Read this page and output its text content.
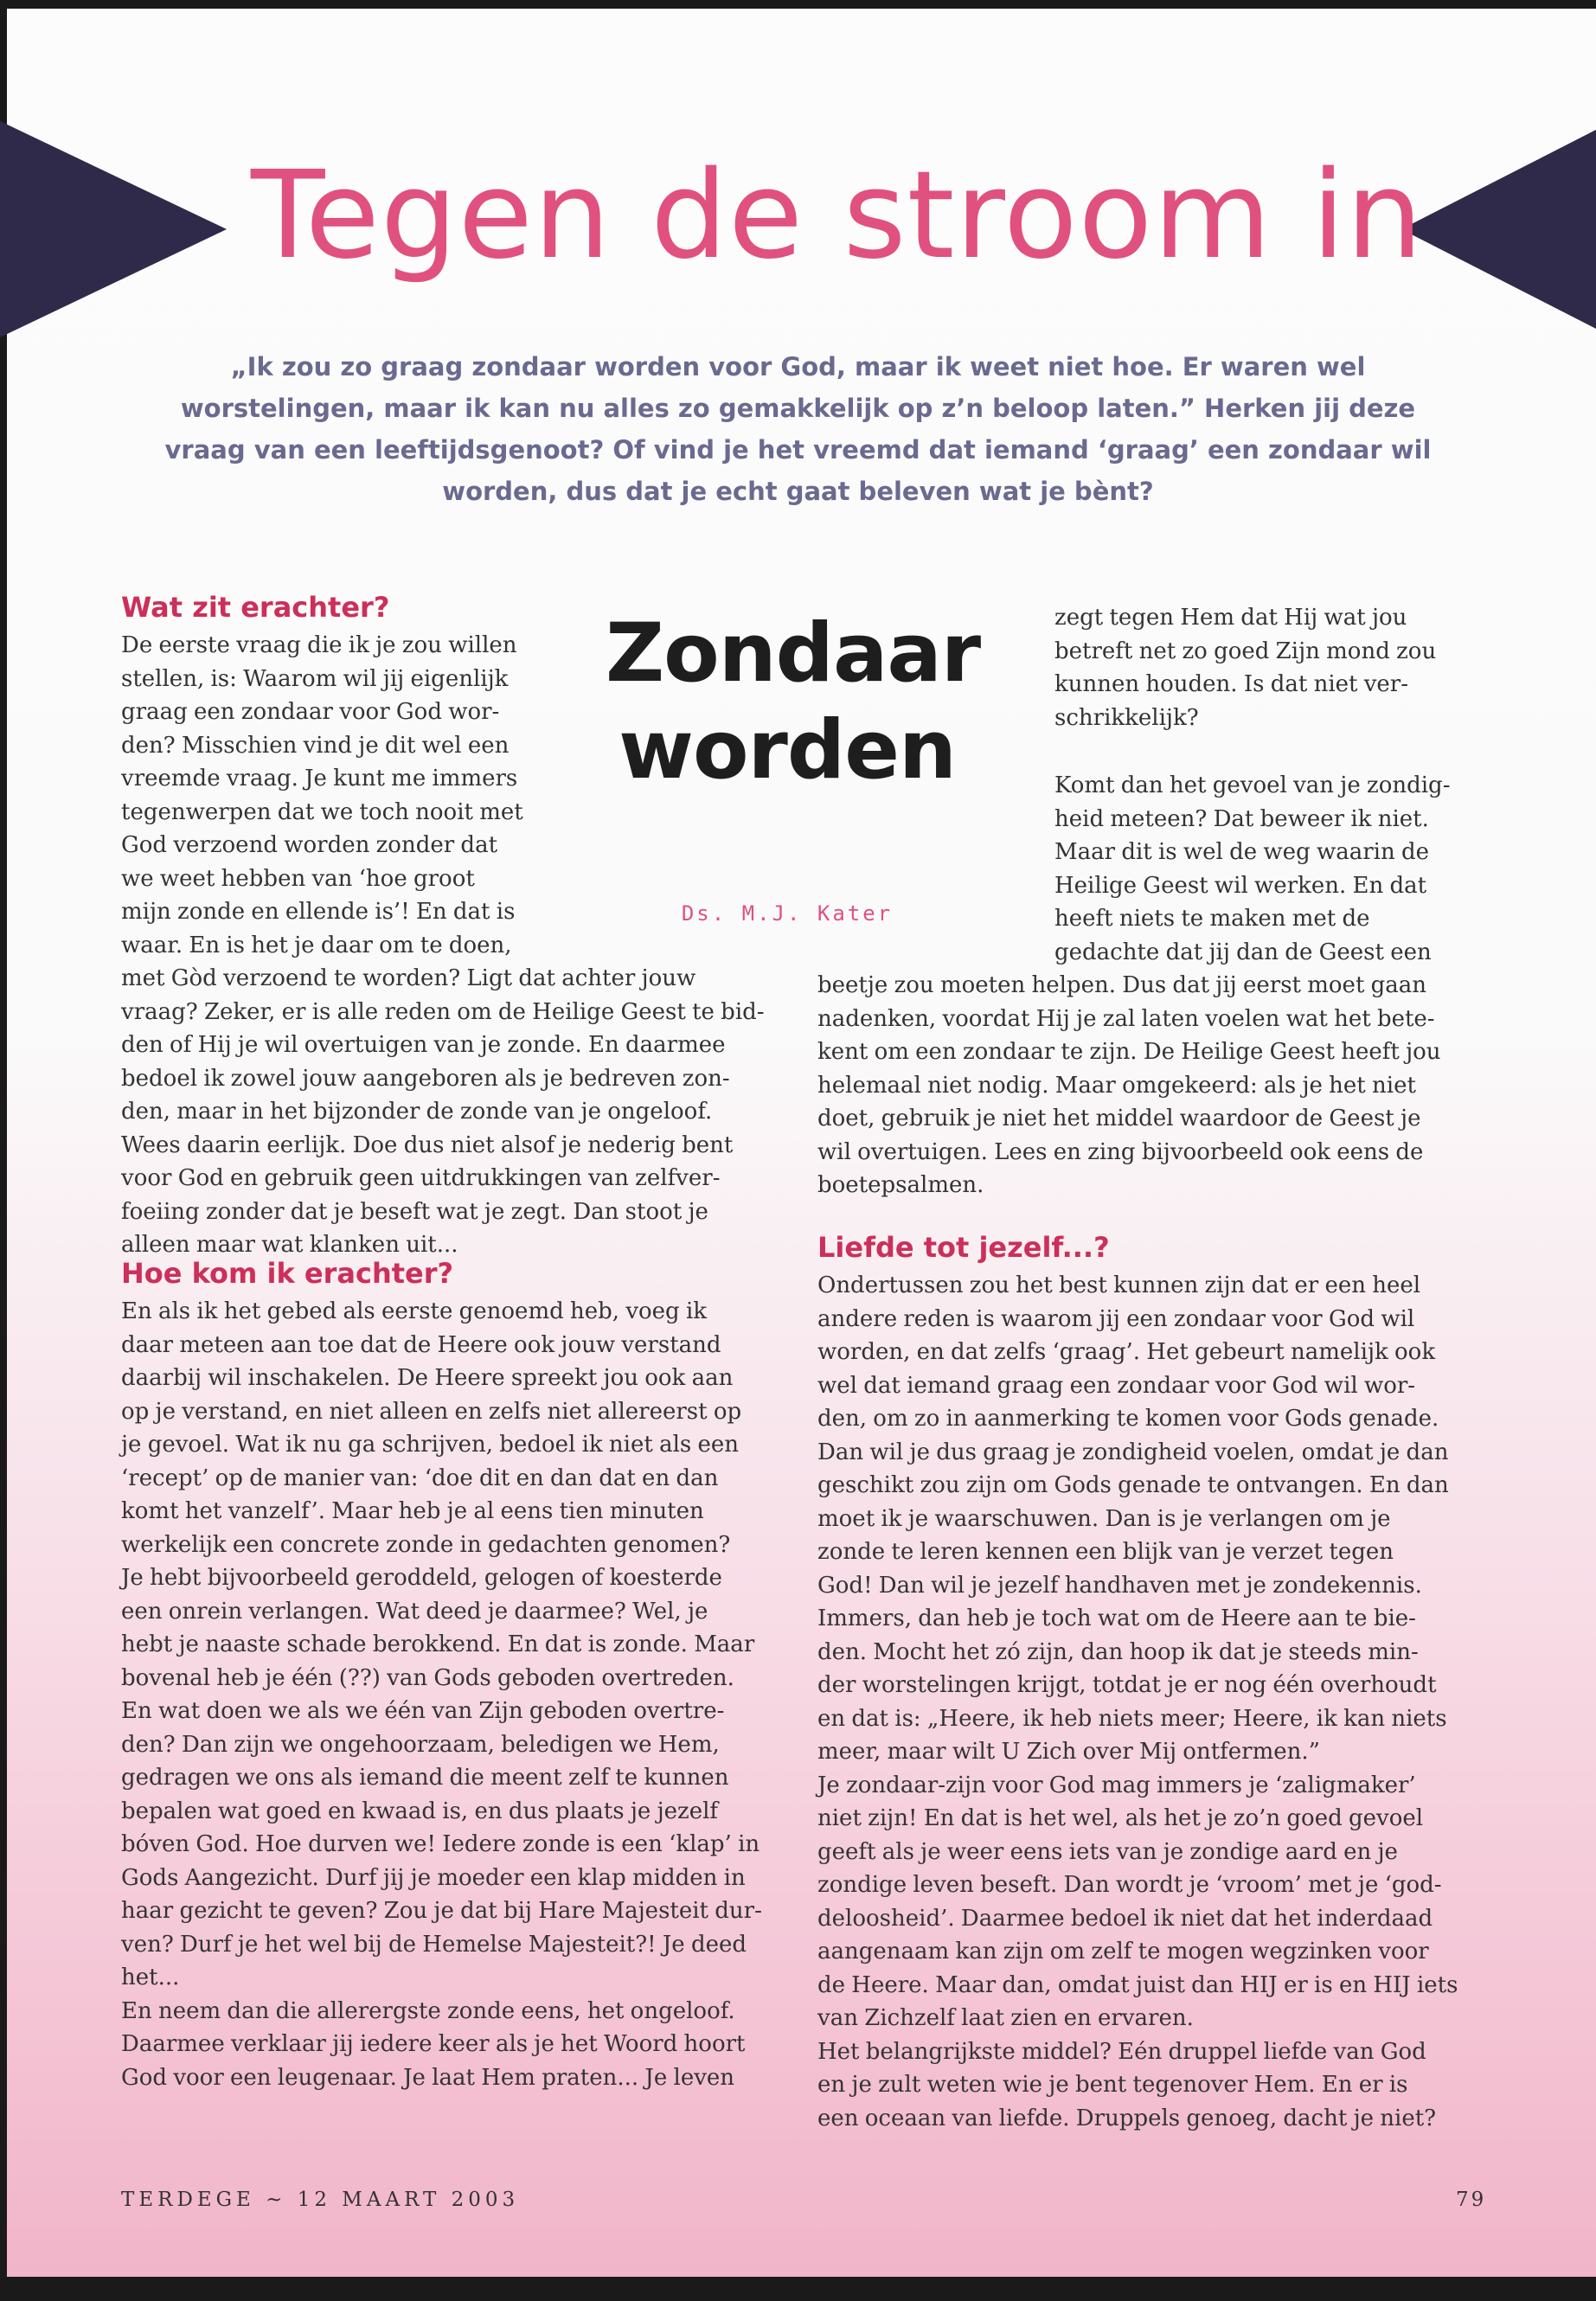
Tegen de stroom in

„Ik zou zo graag zondaar worden voor God, maar ik weet niet hoe. Er waren wel worstelingen, maar ik kan nu alles zo gemakkelijk op z’n beloop laten.” Herken jij deze vraag van een leeftijdsgenoot? Of vind je het vreemd dat iemand ‘graag’ een zondaar wil worden, dus dat je echt gaat beleven wat je bènt?

Wat zit erachter?

De eerste vraag die ik je zou willen
stellen, is: Waarom wil jij eigenlijk
graag een zondaar voor God wor-
den? Misschien vind je dit wel een
vreemde vraag. Je kunt me immers
tegenwerpen dat we toch nooit met
God verzoend worden zonder dat
we weet hebben van ‘hoe groot
mijn zonde en ellende is’! En dat is
waar. En is het je daar om te doen,

met Gòd verzoend te worden? Ligt dat achter jouw
vraag? Zeker, er is alle reden om de Heilige Geest te bid-
den of Hij je wil overtuigen van je zonde. En daarmee
bedoel ik zowel jouw aangeboren als je bedreven zon-
den, maar in het bijzonder de zonde van je ongeloof.
Wees daarin eerlijk. Doe dus niet alsof je nederig bent
voor God en gebruik geen uitdrukkingen van zelfver-
foeiing zonder dat je beseft wat je zegt. Dan stoot je
alleen maar wat klanken uit...

Zondaar worden

Ds. M.J. Kater

Hoe kom ik erachter?

En als ik het gebed als eerste genoemd heb, voeg ik
daar meteen aan toe dat de Heere ook jouw verstand
daarbij wil inschakelen. De Heere spreekt jou ook aan
op je verstand, en niet alleen en zelfs niet allereerst op
je gevoel. Wat ik nu ga schrijven, bedoel ik niet als een
‘recept’ op de manier van: ‘doe dit en dan dat en dan
komt het vanzelf’. Maar heb je al eens tien minuten
werkelijk een concrete zonde in gedachten genomen?
Je hebt bijvoorbeeld geroddeld, gelogen of koesterde
een onrein verlangen. Wat deed je daarmee? Wel, je
hebt je naaste schade berokkend. En dat is zonde. Maar
bovenal heb je één (??) van Gods geboden overtreden.
En wat doen we als we één van Zijn geboden overtre-
den? Dan zijn we ongehoorzaam, beledigen we Hem,
gedragen we ons als iemand die meent zelf te kunnen
bepalen wat goed en kwaad is, en dus plaats je jezelf
bóven God. Hoe durven we! Iedere zonde is een ‘klap’ in
Gods Aangezicht. Durf jij je moeder een klap midden in
haar gezicht te geven? Zou je dat bij Hare Majesteit dur-
ven? Durf je het wel bij de Hemelse Majesteit?! Je deed
het...
En neem dan die allerergste zonde eens, het ongeloof.
Daarmee verklaar jij iedere keer als je het Woord hoort
God voor een leugenaar. Je laat Hem praten... Je leven

zegt tegen Hem dat Hij wat jou
betreft net zo goed Zijn mond zou
kunnen houden. Is dat niet ver-
schrikkelijk?

Komt dan het gevoel van je zondig-
heid meteen? Dat beweer ik niet.
Maar dit is wel de weg waarin de
Heilige Geest wil werken. En dat
heeft niets te maken met de
gedachte dat jij dan de Geest een

beetje zou moeten helpen. Dus dat jij eerst moet gaan
nadenken, voordat Hij je zal laten voelen wat het bete-
kent om een zondaar te zijn. De Heilige Geest heeft jou
helemaal niet nodig. Maar omgekeerd: als je het niet
doet, gebruik je niet het middel waardoor de Geest je
wil overtuigen. Lees en zing bijvoorbeeld ook eens de
boetepsalmen.

Liefde tot jezelf...?

Ondertussen zou het best kunnen zijn dat er een heel
andere reden is waarom jij een zondaar voor God wil
worden, en dat zelfs ‘graag’. Het gebeurt namelijk ook
wel dat iemand graag een zondaar voor God wil wor-
den, om zo in aanmerking te komen voor Gods genade.
Dan wil je dus graag je zondigheid voelen, omdat je dan
geschikt zou zijn om Gods genade te ontvangen. En dan
moet ik je waarschuwen. Dan is je verlangen om je
zonde te leren kennen een blijk van je verzet tegen
God! Dan wil je jezelf handhaven met je zondekennis.
Immers, dan heb je toch wat om de Heere aan te bie-
den. Mocht het zó zijn, dan hoop ik dat je steeds min-
der worstelingen krijgt, totdat je er nog één overhoudt
en dat is: „Heere, ik heb niets meer; Heere, ik kan niets
meer, maar wilt U Zich over Mij ontfermen.”
Je zondaar-zijn voor God mag immers je ‘zaligmaker’
niet zijn! En dat is het wel, als het je zo’n goed gevoel
geeft als je weer eens iets van je zondige aard en je
zondige leven beseft. Dan wordt je ‘vroom’ met je ‘god-
deloosheid’. Daarmee bedoel ik niet dat het inderdaad
aangenaam kan zijn om zelf te mogen wegzinken voor
de Heere. Maar dan, omdat juist dan HIJ er is en HIJ iets
van Zichzelf laat zien en ervaren.
Het belangrijkste middel? Eén druppel liefde van God
en je zult weten wie je bent tegenover Hem. En er is
een oceaan van liefde. Druppels genoeg, dacht je niet?

TERDEGE ~ 12 MAART 2003	79
